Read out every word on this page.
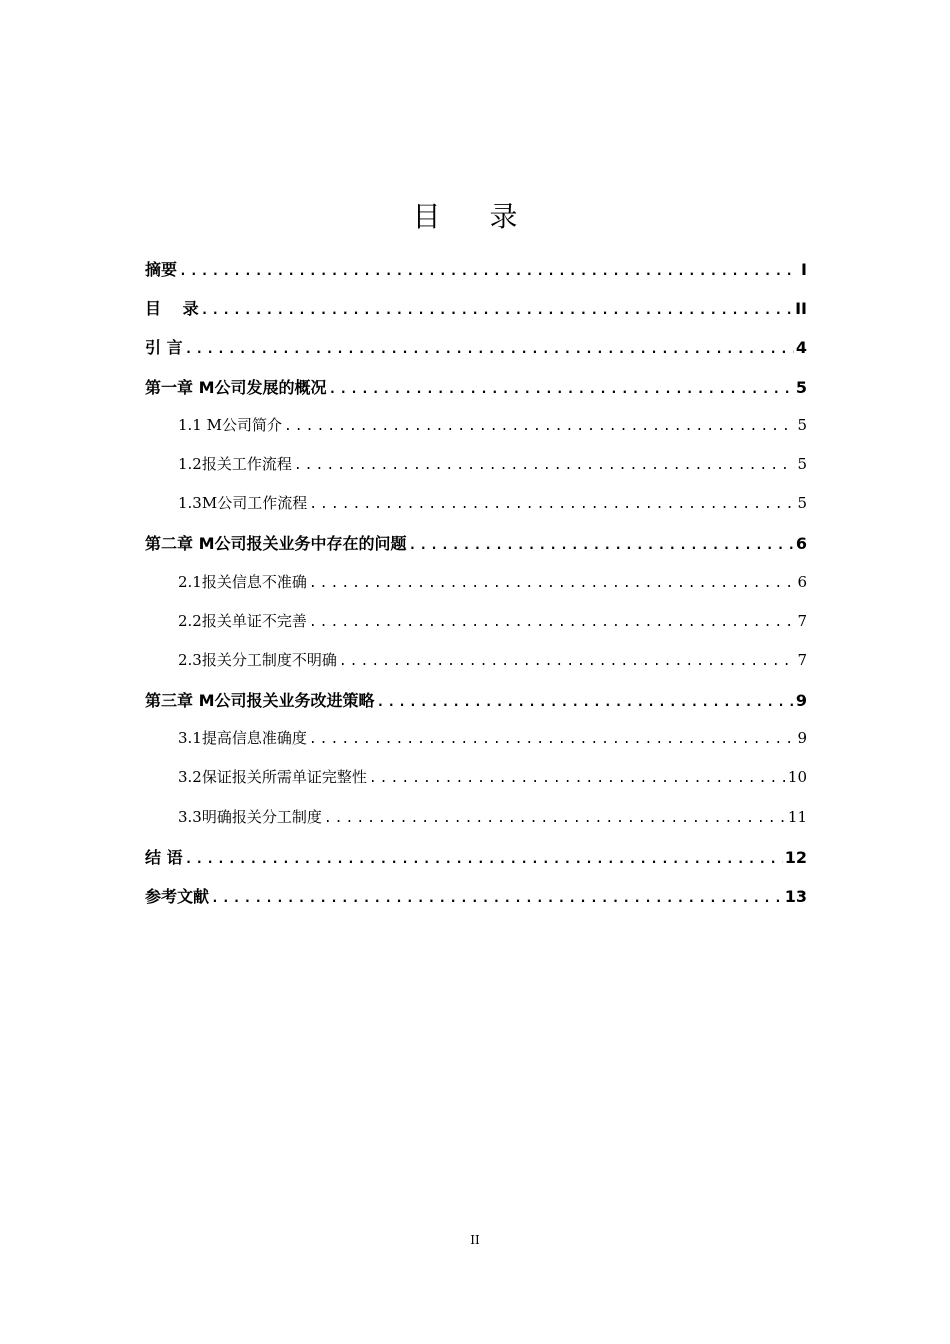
目 录
摘要 .....	I
目　 录 .....	II
引 言 .....	4
第一章 M公司发展的概况 .....	5
1.1 M公司简介 .....	5
1.2报关工作流程 .....	5
1.3M公司工作流程 .....	5
第二章 M公司报关业务中存在的问题 .....	6
2.1报关信息不准确 .....	6
2.2报关单证不完善 .....	7
2.3报关分工制度不明确 .....	7
第三章 M公司报关业务改进策略 .....	9
3.1提高信息准确度 .....	9
3.2保证报关所需单证完整性 .....	10
3.3明确报关分工制度 .....	11
结 语 .....	12
参考文献 .....	13
II
